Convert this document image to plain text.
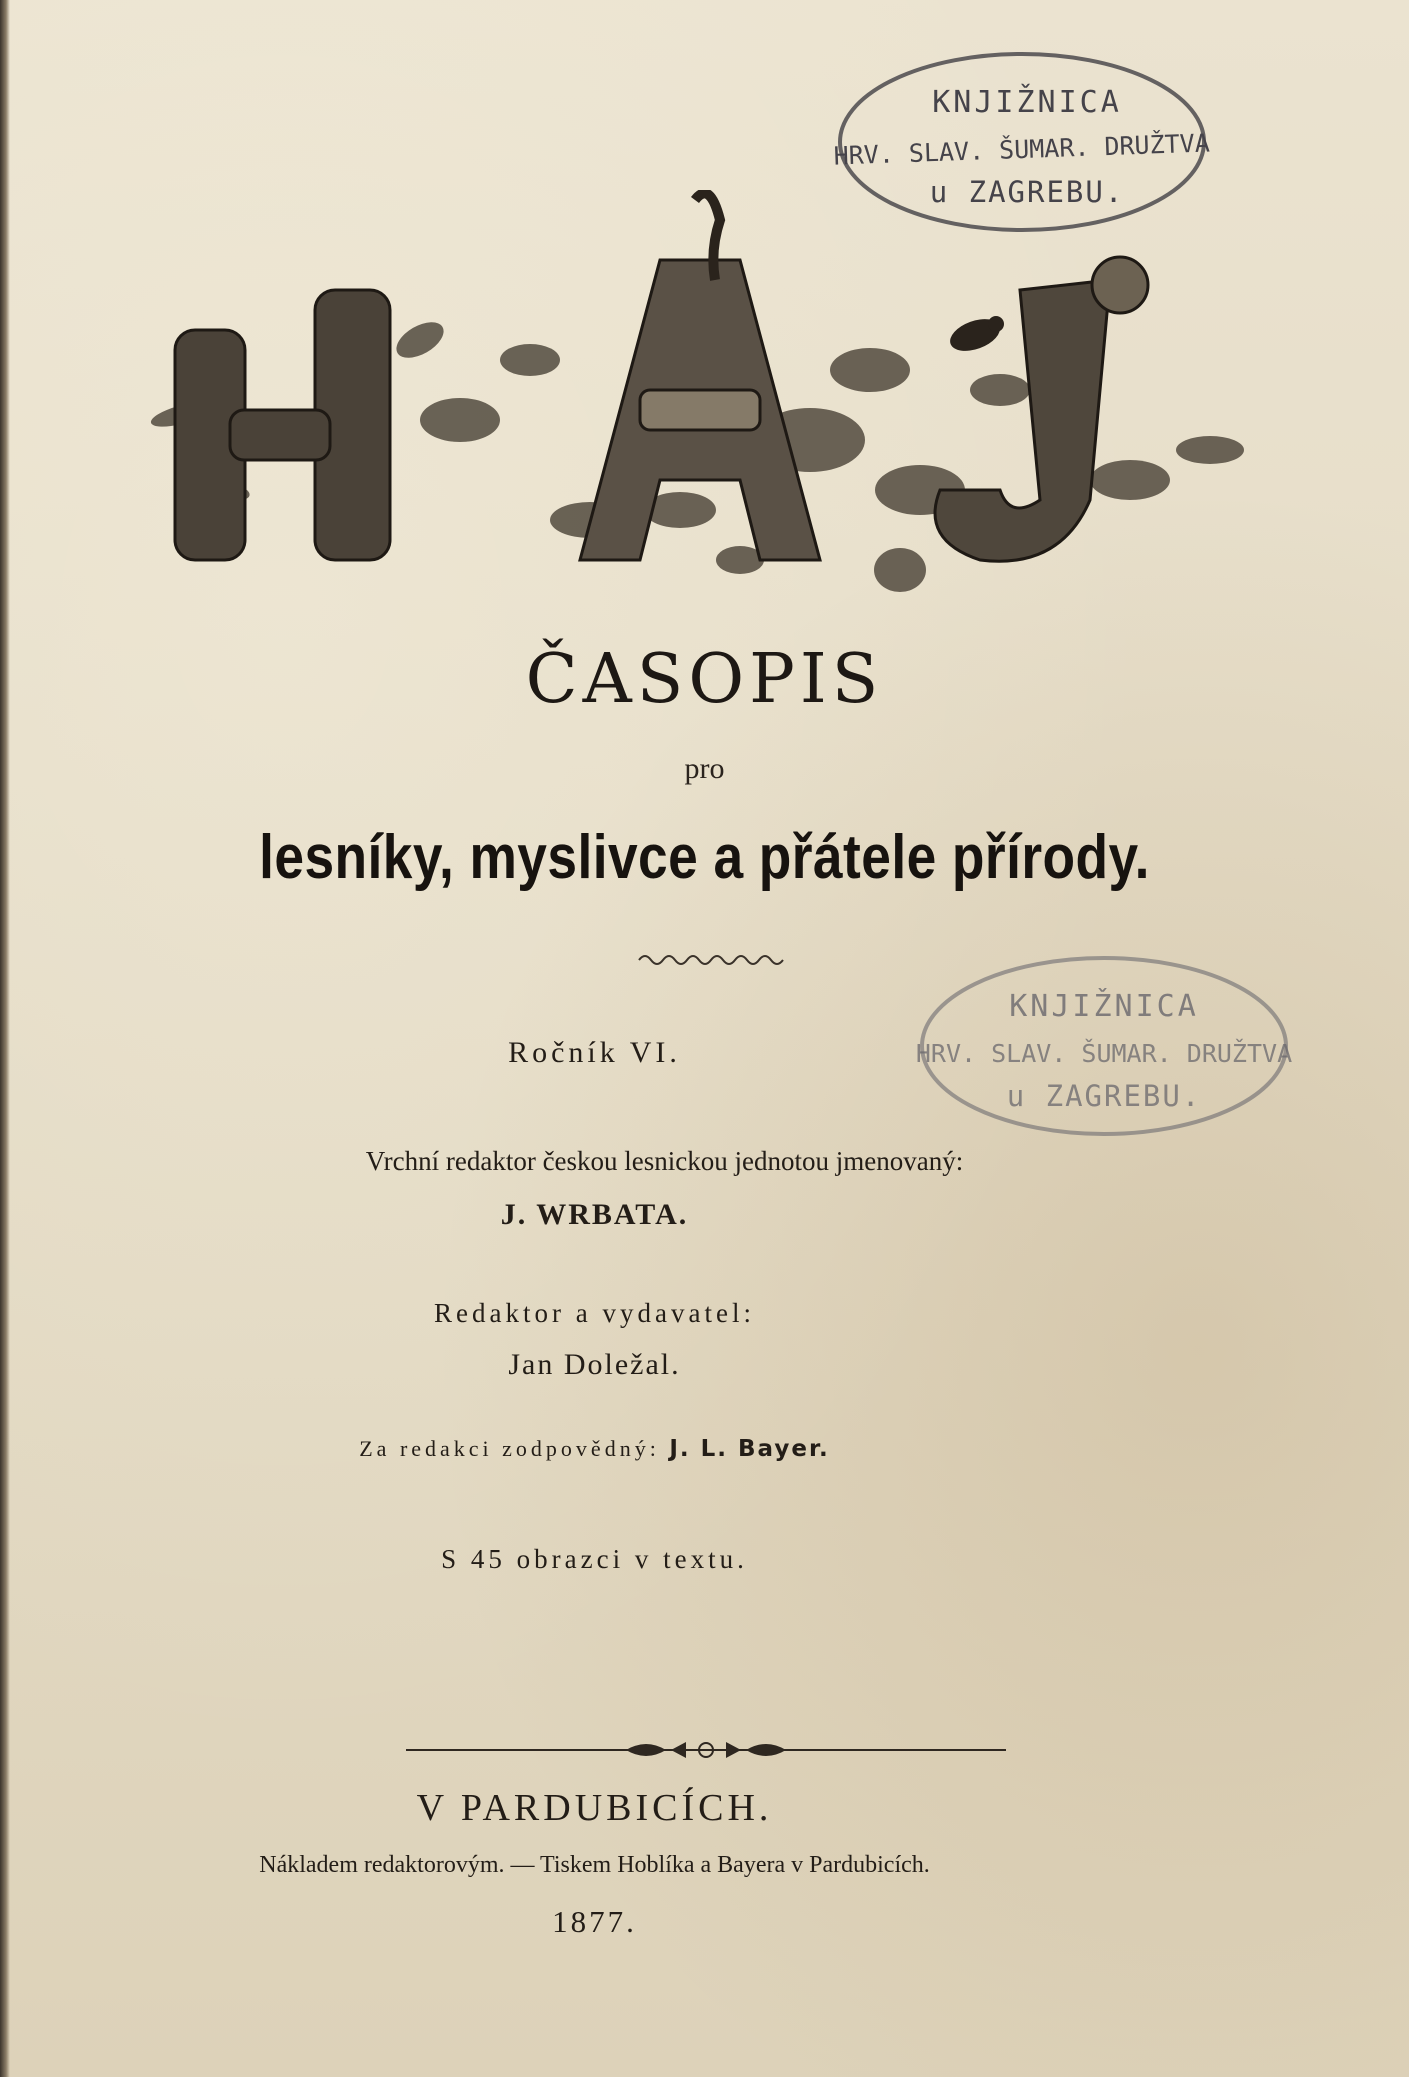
KNJIŽNICA
HRV. SLAV. ŠUMAR. DRUŽTVA
u ZAGREBU.
KNJIŽNICA
HRV. SLAV. ŠUMAR. DRUŽTVA
u ZAGREBU.
ČASOPIS
pro
lesníky, myslivce a přátele přírody.
Ročník VI.
Vrchní redaktor českou lesnickou jednotou jmenovaný:
J. WRBATA.
Redaktor a vydavatel:
Jan Doležal.
Za redakci zodpovědný: J. L. Bayer.
S 45 obrazci v textu.
V PARDUBICÍCH.
Nákladem redaktorovým. — Tiskem Hoblíka a Bayera v Pardubicích.
1877.
